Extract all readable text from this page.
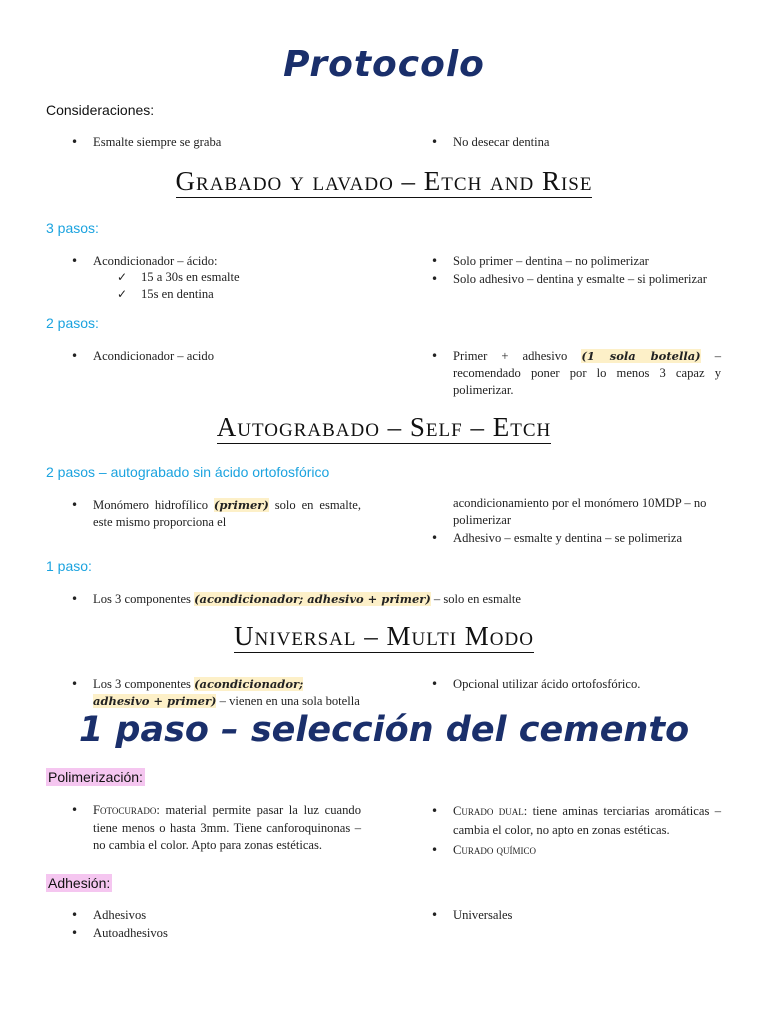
Protocolo
Consideraciones:
• Esmalte siempre se graba	• No desecar dentina
Grabado y lavado – Etch and Rise
3 pasos:
• Acondicionador – ácido:
✓ 15 a 30s en esmalte
✓ 15s en dentina
• Solo primer – dentina – no polimerizar
• Solo adhesivo – dentina y esmalte – si polimerizar
2 pasos:
• Acondicionador – acido	• Primer + adhesivo (1 sola botella) – recomendado poner por lo menos 3 capaz y polimerizar.
Autograbado – Self – Etch
2 pasos – autograbado sin ácido ortofosfórico
• Monómero hidrofílico (primer) solo en esmalte, este mismo proporciona el
acondicionamiento por el monómero 10MDP – no polimerizar
• Adhesivo – esmalte y dentina – se polimeriza
1 paso:
• Los 3 componentes (acondicionador; adhesivo + primer) – solo en esmalte
Universal – Multi Modo
• Los 3 componentes (acondicionador; adhesivo + primer) – vienen en una sola botella
• Opcional utilizar ácido ortofosfórico.
1 paso – selección del cemento
Polimerización:
• Fotocurado: material permite pasar la luz cuando tiene menos o hasta 3mm. Tiene canforoquinonas – no cambia el color. Apto para zonas estéticas.
• Curado dual: tiene aminas terciarias aromáticas – cambia el color, no apto en zonas estéticas.
• Curado químico
Adhesión:
• Adhesivos
• Autoadhesivos
• Universales
